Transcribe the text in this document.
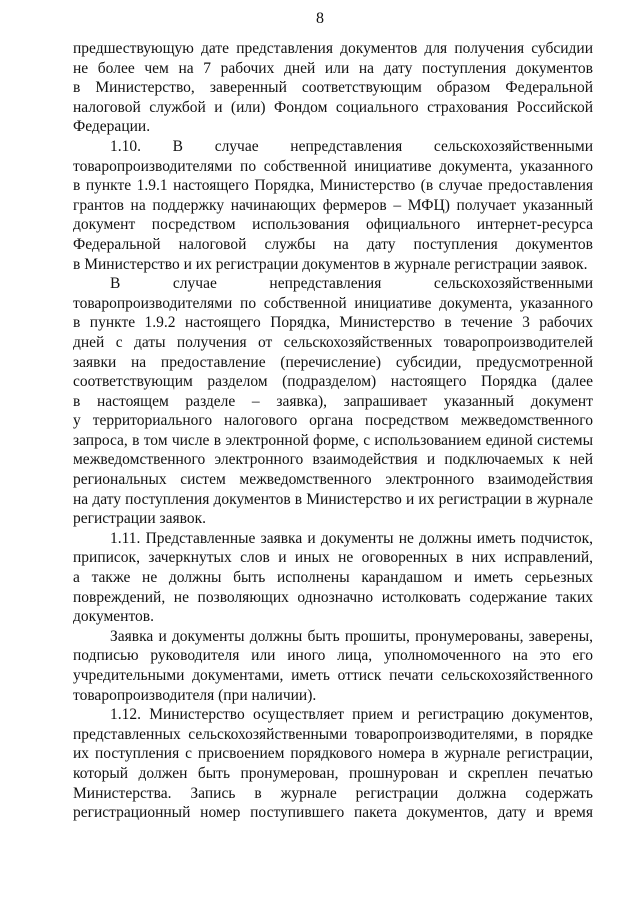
8
предшествующую дате представления документов для получения субсидии
не более чем на 7 рабочих дней или на дату поступления документов
в Министерство, заверенный соответствующим образом Федеральной
налоговой службой и (или) Фондом социального страхования Российской
Федерации.
1.10. В случае непредставления сельскохозяйственными
товаропроизводителями по собственной инициативе документа, указанного
в пункте 1.9.1 настоящего Порядка, Министерство (в случае предоставления
грантов на поддержку начинающих фермеров – МФЦ) получает указанный
документ посредством использования официального интернет-ресурса
Федеральной налоговой службы на дату поступления документов
в Министерство и их регистрации документов в журнале регистрации заявок.
В случае непредставления сельскохозяйственными
товаропроизводителями по собственной инициативе документа, указанного
в пункте 1.9.2 настоящего Порядка, Министерство в течение 3 рабочих
дней с даты получения от сельскохозяйственных товаропроизводителей
заявки на предоставление (перечисление) субсидии, предусмотренной
соответствующим разделом (подразделом) настоящего Порядка (далее
в настоящем разделе – заявка), запрашивает указанный документ
у территориального налогового органа посредством межведомственного
запроса, в том числе в электронной форме, с использованием единой системы
межведомственного электронного взаимодействия и подключаемых к ней
региональных систем межведомственного электронного взаимодействия
на дату поступления документов в Министерство и их регистрации в журнале
регистрации заявок.
1.11. Представленные заявка и документы не должны иметь подчисток,
приписок, зачеркнутых слов и иных не оговоренных в них исправлений,
а также не должны быть исполнены карандашом и иметь серьезных
повреждений, не позволяющих однозначно истолковать содержание таких
документов.
Заявка и документы должны быть прошиты, пронумерованы, заверены,
подписью руководителя или иного лица, уполномоченного на это его
учредительными документами, иметь оттиск печати сельскохозяйственного
товаропроизводителя (при наличии).
1.12. Министерство осуществляет прием и регистрацию документов,
представленных сельскохозяйственными товаропроизводителями, в порядке
их поступления с присвоением порядкового номера в журнале регистрации,
который должен быть пронумерован, прошнурован и скреплен печатью
Министерства. Запись в журнале регистрации должна содержать
регистрационный номер поступившего пакета документов, дату и время
